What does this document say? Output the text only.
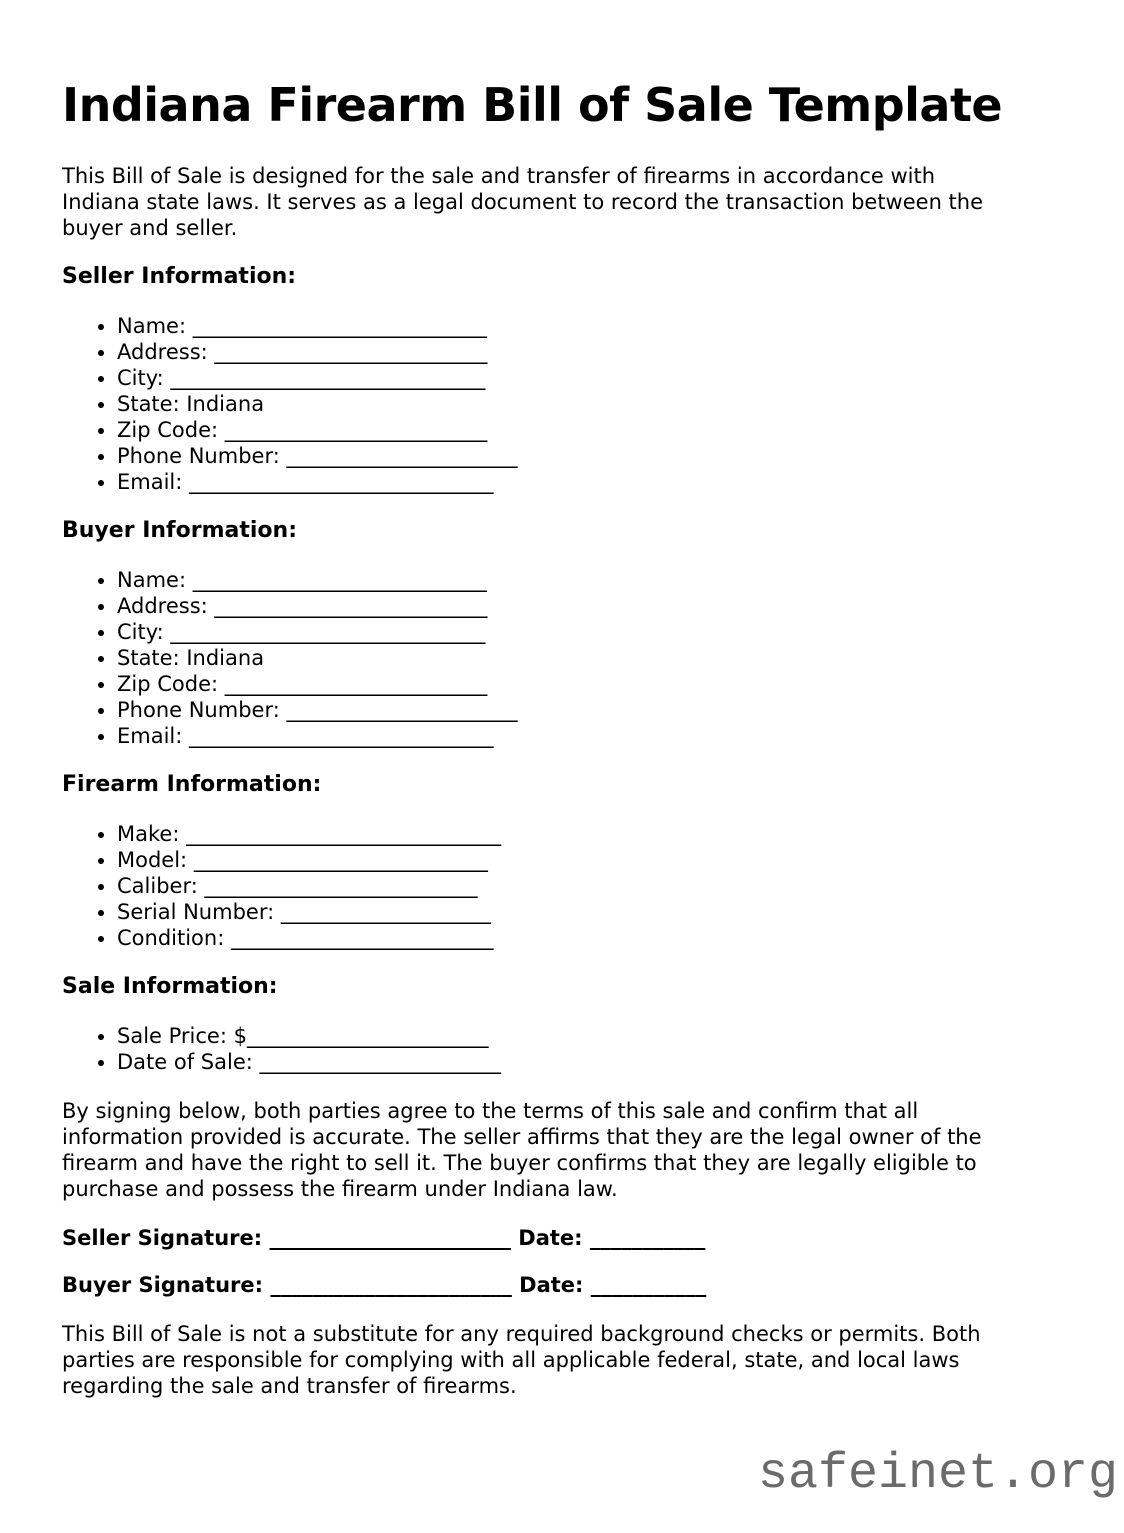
Indiana Firearm Bill of Sale Template

This Bill of Sale is designed for the sale and transfer of firearms in accordance with
Indiana state laws. It serves as a legal document to record the transaction between the
buyer and seller.

Seller Information:
• Name: ____________________________
• Address: __________________________
• City: ______________________________
• State: Indiana
• Zip Code: _________________________
• Phone Number: ______________________
• Email: _____________________________
Buyer Information:
• Name: ____________________________
• Address: __________________________
• City: ______________________________
• State: Indiana
• Zip Code: _________________________
• Phone Number: ______________________
• Email: _____________________________
Firearm Information:
• Make: ______________________________
• Model: ____________________________
• Caliber: __________________________
• Serial Number: ____________________
• Condition: _________________________
Sale Information:
• Sale Price: $_______________________
• Date of Sale: _______________________

By signing below, both parties agree to the terms of this sale and confirm that all
information provided is accurate. The seller affirms that they are the legal owner of the
firearm and have the right to sell it. The buyer confirms that they are legally eligible to
purchase and possess the firearm under Indiana law.

Seller Signature: _______________________ Date: ___________

Buyer Signature: _______________________ Date: ___________

This Bill of Sale is not a substitute for any required background checks or permits. Both
parties are responsible for complying with all applicable federal, state, and local laws
regarding the sale and transfer of firearms.

safeinet.org
